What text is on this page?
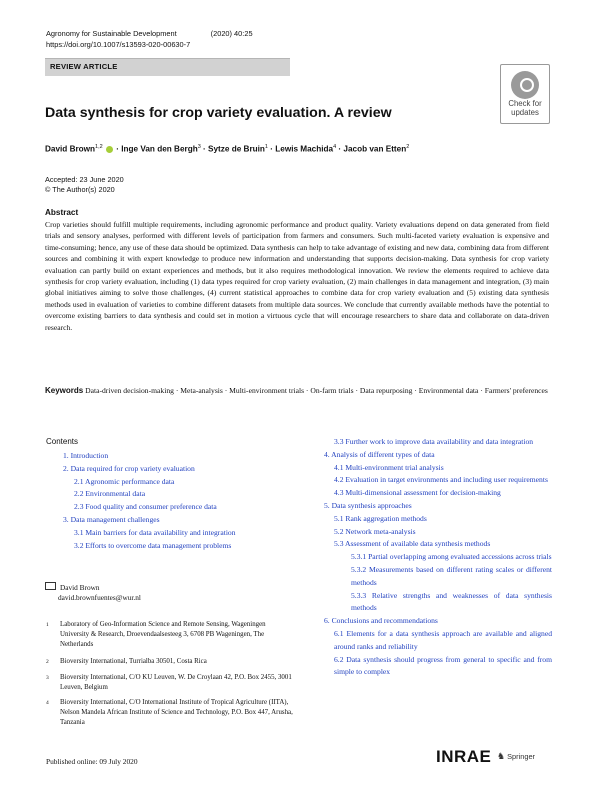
Agronomy for Sustainable Development	(2020) 40:25
https://doi.org/10.1007/s13593-020-00630-7
REVIEW ARTICLE
Check for
updates
Data synthesis for crop variety evaluation. A review
David Brown$^{1,2}$  · Inge Van den Bergh$^3$ · Sytze de Bruin$^1$ · Lewis Machida$^4$ · Jacob van Etten$^2$
Accepted: 23 June 2020
© The Author(s) 2020
Abstract
Crop varieties should fulfill multiple requirements, including agronomic performance and product quality. Variety evaluations depend on data generated from field trials and sensory analyses, performed with different levels of participation from farmers and consumers. Such multi-faceted variety evaluation is expensive and time-consuming; hence, any use of these data should be optimized. Data synthesis can help to take advantage of existing and new data, combining data from different sources and combining it with expert knowledge to produce new information and understanding that supports decision-making. Data synthesis for crop variety evaluation can partly build on extant experiences and methods, but it also requires methodological innovation. We review the elements required to achieve data synthesis for crop variety evaluation, including (1) data types required for crop variety evaluation, (2) main challenges in data management and integration, (3) main global initiatives aiming to solve those challenges, (4) current statistical approaches to combine data for crop variety evaluation and (5) existing data synthesis methods used in evaluation of varieties to combine different datasets from multiple data sources. We conclude that currently available methods have the potential to overcome existing barriers to data synthesis and could set in motion a virtuous cycle that will encourage researchers to share data and collaborate on data-driven research.
Keywords Data-driven decision-making · Meta-analysis · Multi-environment trials · On-farm trials · Data repurposing · Environmental data · Farmers' preferences
Contents
1. Introduction
2. Data required for crop variety evaluation
2.1 Agronomic performance data
2.2 Environmental data
2.3 Food quality and consumer preference data
3. Data management challenges
3.1 Main barriers for data availability and integration
3.2 Efforts to overcome data management problems
3.3 Further work to improve data availability and data integration
4. Analysis of different types of data
4.1 Multi-environment trial analysis
4.2 Evaluation in target environments and including user requirements
4.3 Multi-dimensional assessment for decision-making
5. Data synthesis approaches
5.1 Rank aggregation methods
5.2 Network meta-analysis
5.3 Assessment of available data synthesis methods
5.3.1 Partial overlapping among evaluated accessions across trials
5.3.2 Measurements based on different rating scales or different methods
5.3.3 Relative strengths and weaknesses of data synthesis methods
6. Conclusions and recommendations
6.1 Elements for a data synthesis approach are available and aligned around ranks and reliability
6.2 Data synthesis should progress from general to specific and from simple to complex
David Brown
david.brownfuentes@wur.nl
1	Laboratory of Geo-Information Science and Remote Sensing, Wageningen University & Research, Droevendaalsesteeg 3, 6708 PB Wageningen, The Netherlands
2	Bioversity International, Turrialba 30501, Costa Rica
3	Bioversity International, C/O KU Leuven, W. De Croylaan 42, P.O. Box 2455, 3001 Leuven, Belgium
4	Bioversity International, C/O International Institute of Tropical Agriculture (IITA), Nelson Mandela African Institute of Science and Technology, P.O. Box 447, Arusha, Tanzania
Published online: 09 July 2020	INRAE ♞ Springer
